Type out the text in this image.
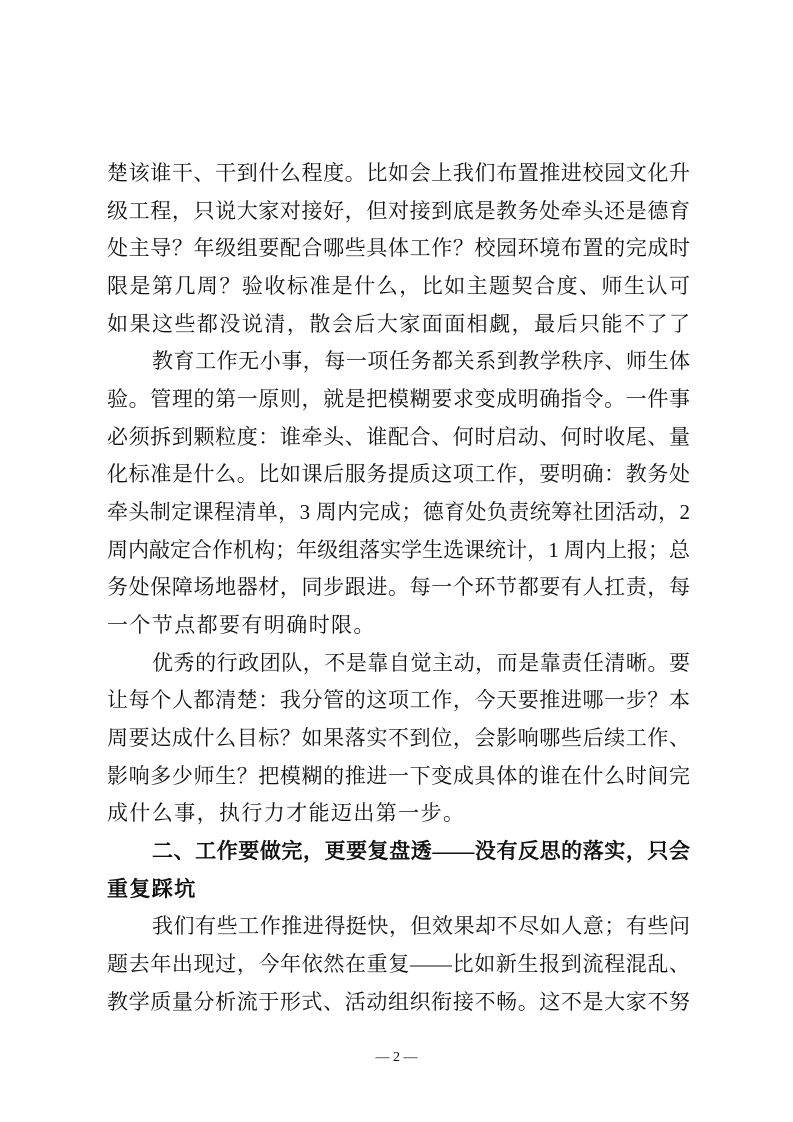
楚该谁干、干到什么程度。比如会上我们布置推进校园文化升
级工程，只说大家对接好，但对接到底是教务处牵头还是德育
处主导？年级组要配合哪些具体工作？校园环境布置的完成时
限是第几周？验收标准是什么，比如主题契合度、师生认可
如果这些都没说清，散会后大家面面相觑，最后只能不了了
教育工作无小事，每一项任务都关系到教学秩序、师生体
验。管理的第一原则，就是把模糊要求变成明确指令。一件事
必须拆到颗粒度：谁牵头、谁配合、何时启动、何时收尾、量
化标准是什么。比如课后服务提质这项工作，要明确：教务处
牵头制定课程清单，3 周内完成；德育处负责统筹社团活动，2
周内敲定合作机构；年级组落实学生选课统计，1 周内上报；总
务处保障场地器材，同步跟进。每一个环节都要有人扛责，每
一个节点都要有明确时限。
优秀的行政团队，不是靠自觉主动，而是靠责任清晰。要
让每个人都清楚：我分管的这项工作，今天要推进哪一步？本
周要达成什么目标？如果落实不到位，会影响哪些后续工作、
影响多少师生？把模糊的推进一下变成具体的谁在什么时间完
成什么事，执行力才能迈出第一步。
二、工作要做完，更要复盘透——没有反思的落实，只会
重复踩坑
我们有些工作推进得挺快，但效果却不尽如人意；有些问
题去年出现过，今年依然在重复——比如新生报到流程混乱、
教学质量分析流于形式、活动组织衔接不畅。这不是大家不努
— 2 —
